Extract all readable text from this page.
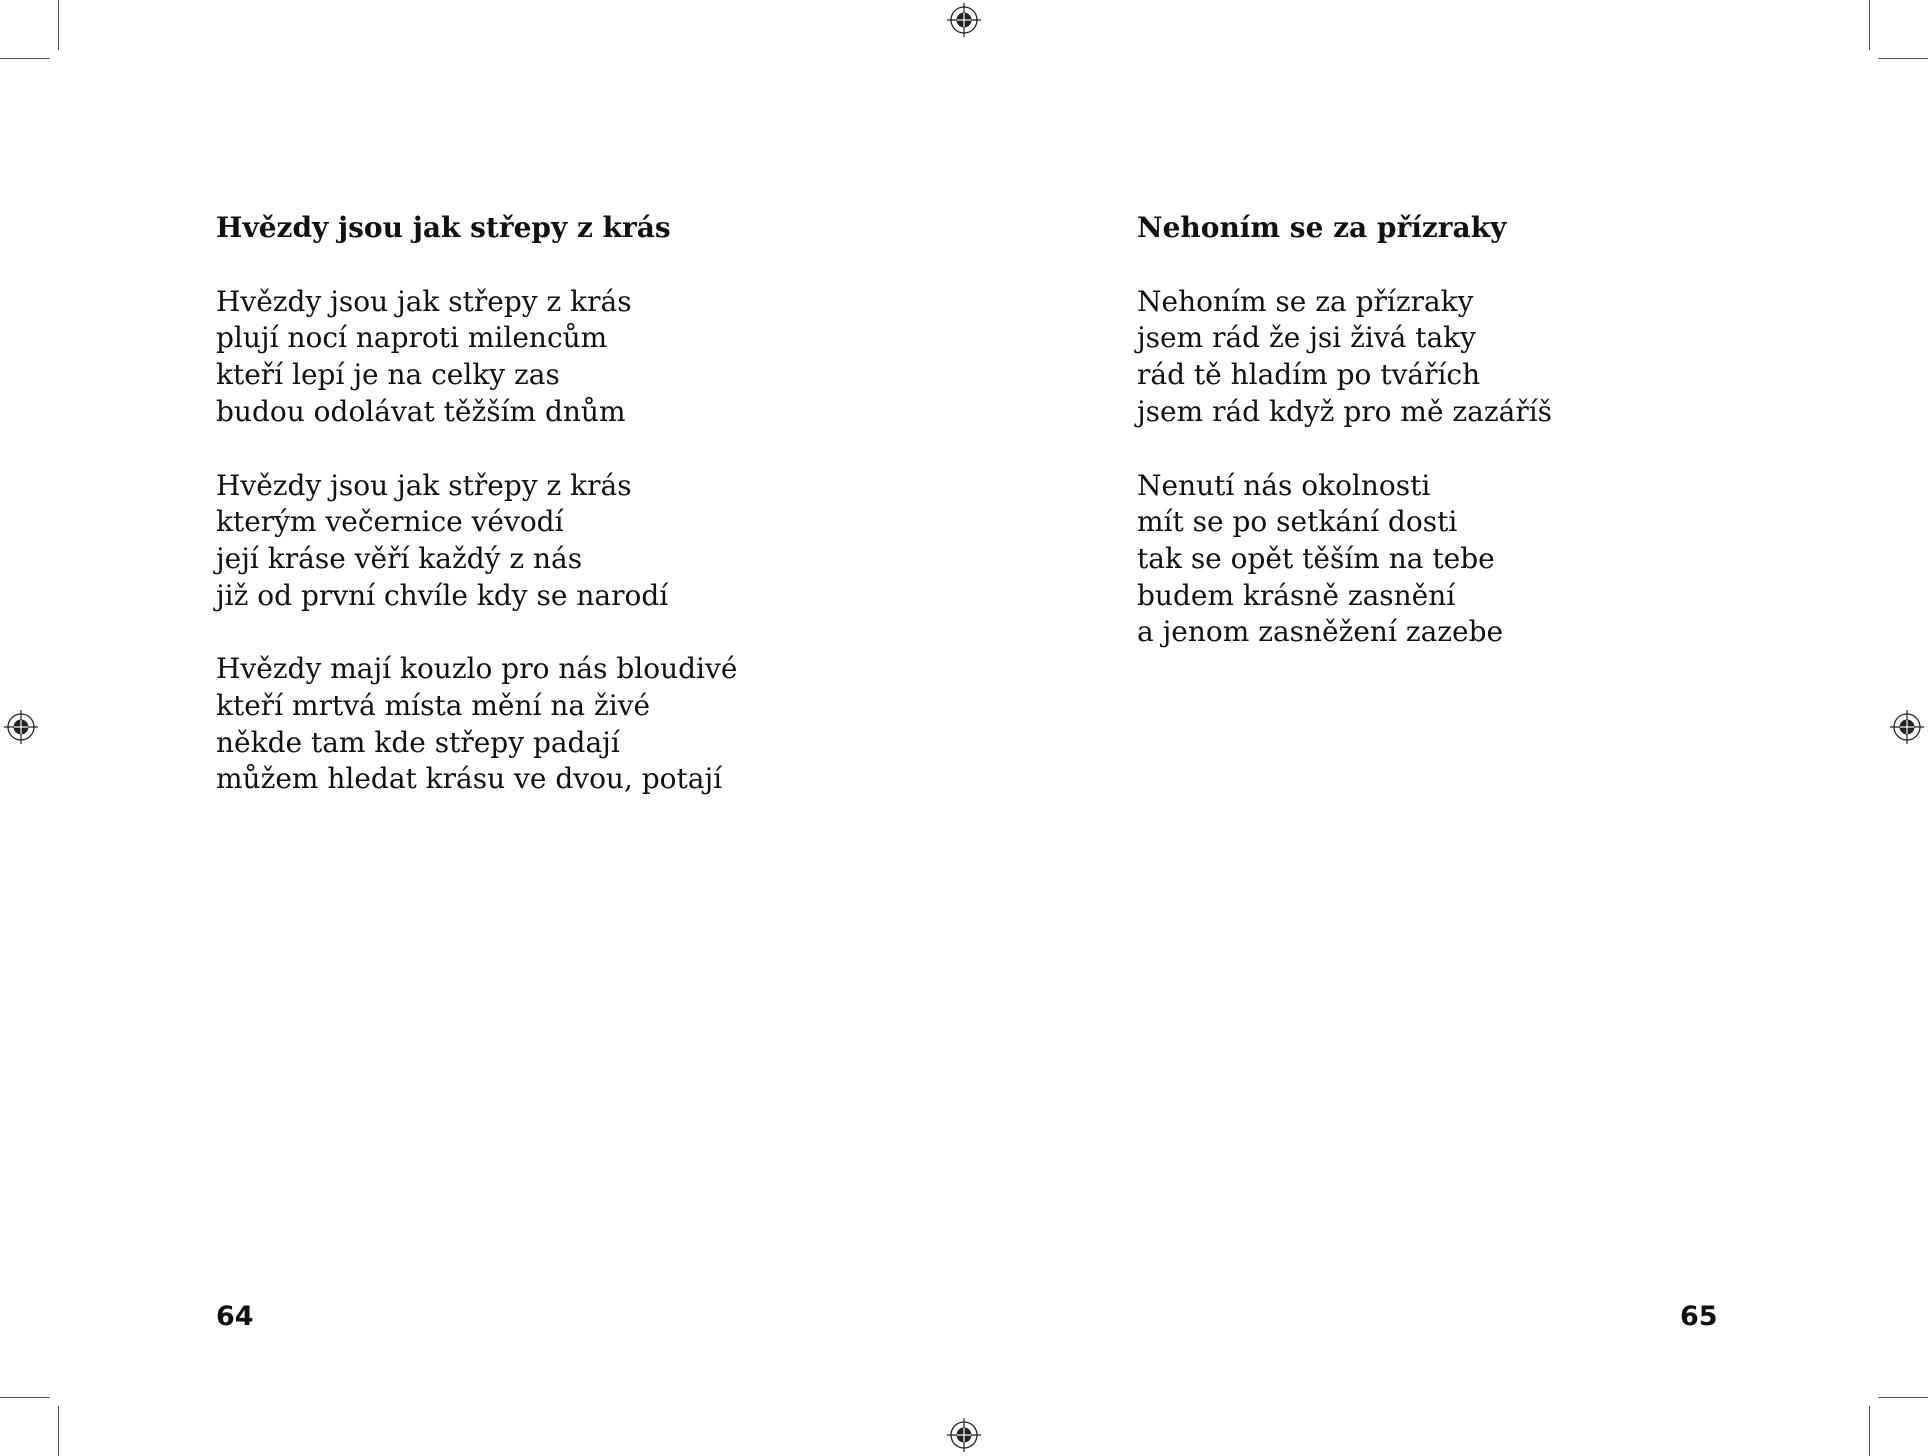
Hvězdy jsou jak střepy z krás
Hvězdy jsou jak střepy z krás
plují nocí naproti milencům
kteří lepí je na celky zas
budou odolávat těžším dnům
Hvězdy jsou jak střepy z krás
kterým večernice vévodí
její kráse věří každý z nás
již od první chvíle kdy se narodí
Hvězdy mají kouzlo pro nás bloudivé
kteří mrtvá místa mění na živé
někde tam kde střepy padají
můžem hledat krásu ve dvou, potají
Nehoním se za přízraky
Nehoním se za přízraky
jsem rád že jsi živá taky
rád tě hladím po tvářích
jsem rád když pro mě zazáříš
Nenutí nás okolnosti
mít se po setkání dosti
tak se opět těším na tebe
budem krásně zasnění
a jenom zasněžení zazebe
64	65
